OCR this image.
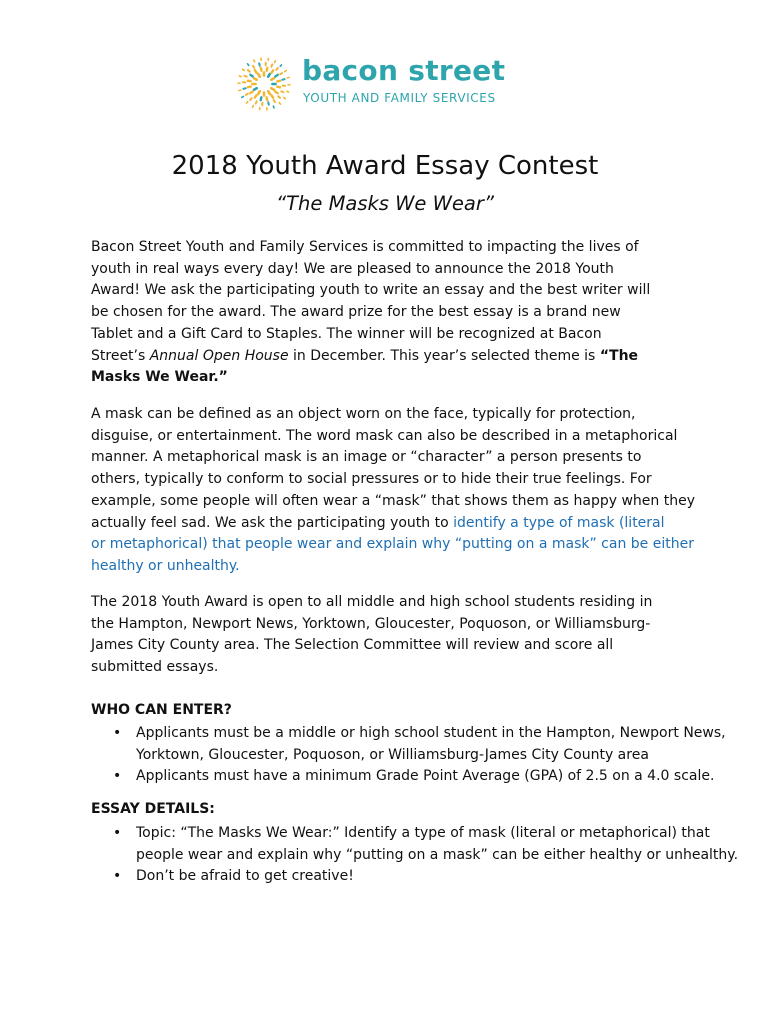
bacon street
YOUTH AND FAMILY SERVICES
2018 Youth Award Essay Contest
“The Masks We Wear”

Bacon Street Youth and Family Services is committed to impacting the lives of
youth in real ways every day! We are pleased to announce the 2018 Youth
Award! We ask the participating youth to write an essay and the best writer will
be chosen for the award. The award prize for the best essay is a brand new
Tablet and a Gift Card to Staples. The winner will be recognized at Bacon
Street’s Annual Open House in December. This year’s selected theme is “The
Masks We Wear.”

A mask can be defined as an object worn on the face, typically for protection,
disguise, or entertainment. The word mask can also be described in a metaphorical
manner. A metaphorical mask is an image or “character” a person presents to
others, typically to conform to social pressures or to hide their true feelings. For
example, some people will often wear a “mask” that shows them as happy when they
actually feel sad. We ask the participating youth to identify a type of mask (literal
or metaphorical) that people wear and explain why “putting on a mask” can be either
healthy or unhealthy.

The 2018 Youth Award is open to all middle and high school students residing in
the Hampton, Newport News, Yorktown, Gloucester, Poquoson, or Williamsburg-
James City County area. The Selection Committee will review and score all
submitted essays.

WHO CAN ENTER?
• Applicants must be a middle or high school student in the Hampton, Newport News,
Yorktown, Gloucester, Poquoson, or Williamsburg-James City County area
• Applicants must have a minimum Grade Point Average (GPA) of 2.5 on a 4.0 scale.
ESSAY DETAILS:
• Topic: “The Masks We Wear:” Identify a type of mask (literal or metaphorical) that
people wear and explain why “putting on a mask” can be either healthy or unhealthy.
• Don’t be afraid to get creative!
